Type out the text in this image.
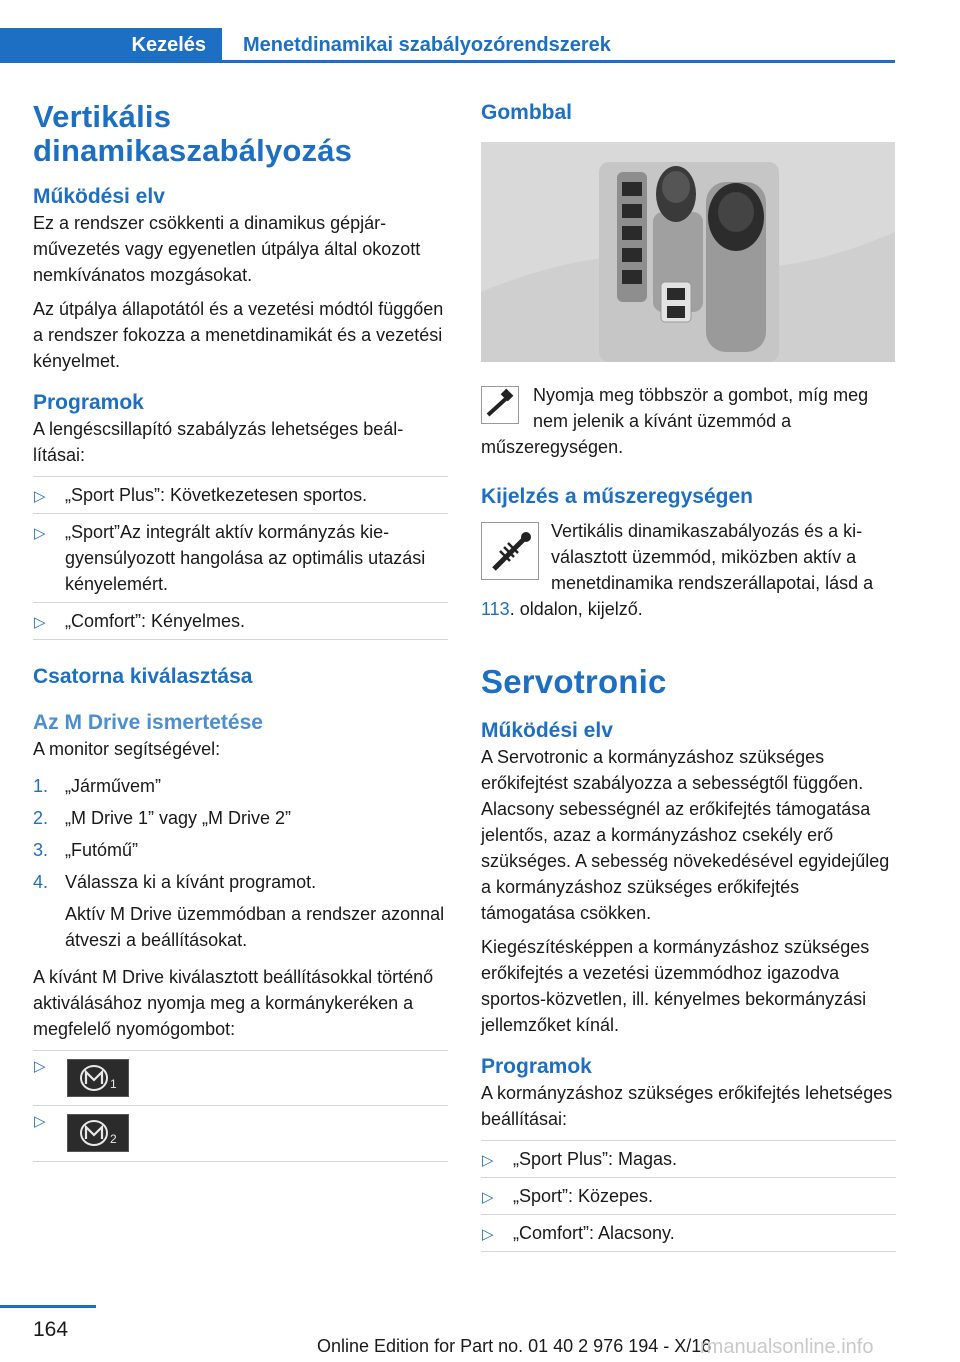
Kezelés	Menetdinamikai szabályozórendszerek
Vertikális dinamikaszabályozás
Működési elv

Ez a rendszer csökkenti a dinamikus gépjárművezetés vagy egyenetlen útpálya által okozott nemkívánatos mozgásokat.

Az útpálya állapotától és a vezetési módtól függően a rendszer fokozza a menetdinamikát és a vezetési kényelmet.

Programok

A lengéscsillapító szabályzás lehetséges beállításai:

▷ „Sport Plus”: Következetesen sportos.
▷ „Sport”Az integrált aktív kormányzás kiegyensúlyozott hangolása az optimális utazási kényelemért.
▷ „Comfort”: Kényelmes.
Csatorna kiválasztása
Az M Drive ismertetése

A monitor segítségével:

1. „Járművem”
2. „M Drive 1” vagy „M Drive 2”
3. „Futómű”
4. Válassza ki a kívánt programot.
Aktív M Drive üzemmódban a rendszer azonnal átveszi a beállításokat.

A kívánt M Drive kiválasztott beállításokkal történő aktiválásához nyomja meg a kormánykeréken a megfelelő nyomógombot:

▷
1
▷
2
Gombbal
Nyomja meg többször a gombot, míg meg nem jelenik a kívánt üzemmód a műszeregységen.
Kijelzés a műszeregységen
Vertikális dinamikaszabályozás és a kiválasztott üzemmód, miközben aktív a menetdinamika rendszerállapotai, lásd a 113. oldalon, kijelző.
Servotronic
Működési elv

A Servotronic a kormányzáshoz szükséges erőkifejtést szabályozza a sebességtől függően. Alacsony sebességnél az erőkifejtés támogatása jelentős, azaz a kormányzáshoz csekély erő szükséges. A sebesség növekedésével egyidejűleg a kormányzáshoz szükséges erőkifejtés támogatása csökken.

Kiegészítésképpen a kormányzáshoz szükséges erőkifejtés a vezetési üzemmódhoz igazodva sportos-közvetlen, ill. kényelmes bekormányzási jellemzőket kínál.

Programok

A kormányzáshoz szükséges erőkifejtés lehetséges beállításai:

▷ „Sport Plus”: Magas.
▷ „Sport”: Közepes.
▷ „Comfort”: Alacsony.
164
Online Edition for Part no. 01 40 2 976 194 - X/16
rmanualsonline.info
